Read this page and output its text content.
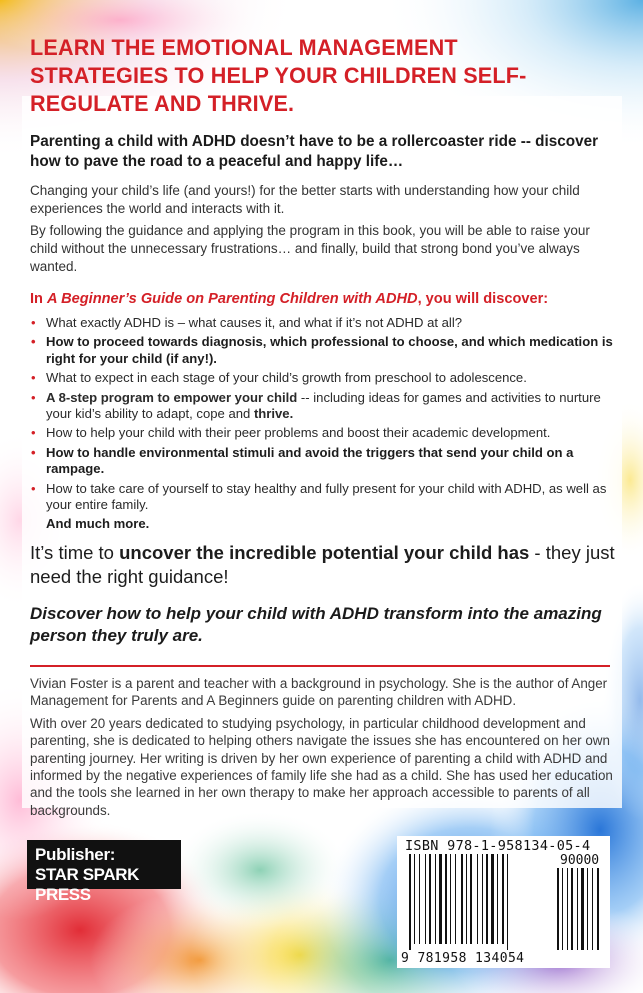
LEARN THE EMOTIONAL MANAGEMENT STRATEGIES TO HELP YOUR CHILDREN SELF-REGULATE AND THRIVE.

Parenting a child with ADHD doesn’t have to be a rollercoaster ride -- discover how to pave the road to a peaceful and happy life…

Changing your child’s life (and yours!) for the better starts with understanding how your child experiences the world and interacts with it.

By following the guidance and applying the program in this book, you will be able to raise your child without the unnecessary frustrations… and finally, build that strong bond you’ve always wanted.

In A Beginner’s Guide on Parenting Children with ADHD, you will discover:

• What exactly ADHD is – what causes it, and what if it’s not ADHD at all?
• How to proceed towards diagnosis, which professional to choose, and which medication is right for your child (if any!).
• What to expect in each stage of your child’s growth from preschool to adolescence.
• A 8-step program to empower your child -- including ideas for games and activities to nurture your kid’s ability to adapt, cope and thrive.
• How to help your child with their peer problems and boost their academic development.
• How to handle environmental stimuli and avoid the triggers that send your child on a rampage.
• How to take care of yourself to stay healthy and fully present for your child with ADHD, as well as your entire family.
And much more.

It’s time to uncover the incredible potential your child has - they just need the right guidance!

Discover how to help your child with ADHD transform into the amazing person they truly are.

Vivian Foster is a parent and teacher with a background in psychology. She is the author of Anger Management for Parents and A Beginners guide on parenting children with ADHD.

With over 20 years dedicated to studying psychology, in particular childhood development and parenting, she is dedicated to helping others navigate the issues she has encountered on her own parenting journey. Her writing is driven by her own experience of parenting a child with ADHD and informed by the negative experiences of family life she had as a child. She has used her education and the tools she learned in her own therapy to make her approach accessible to parents of all backgrounds.

Publisher:
STAR SPARK PRESS
ISBN 978-1-958134-05-4
90000
9 781958 134054
